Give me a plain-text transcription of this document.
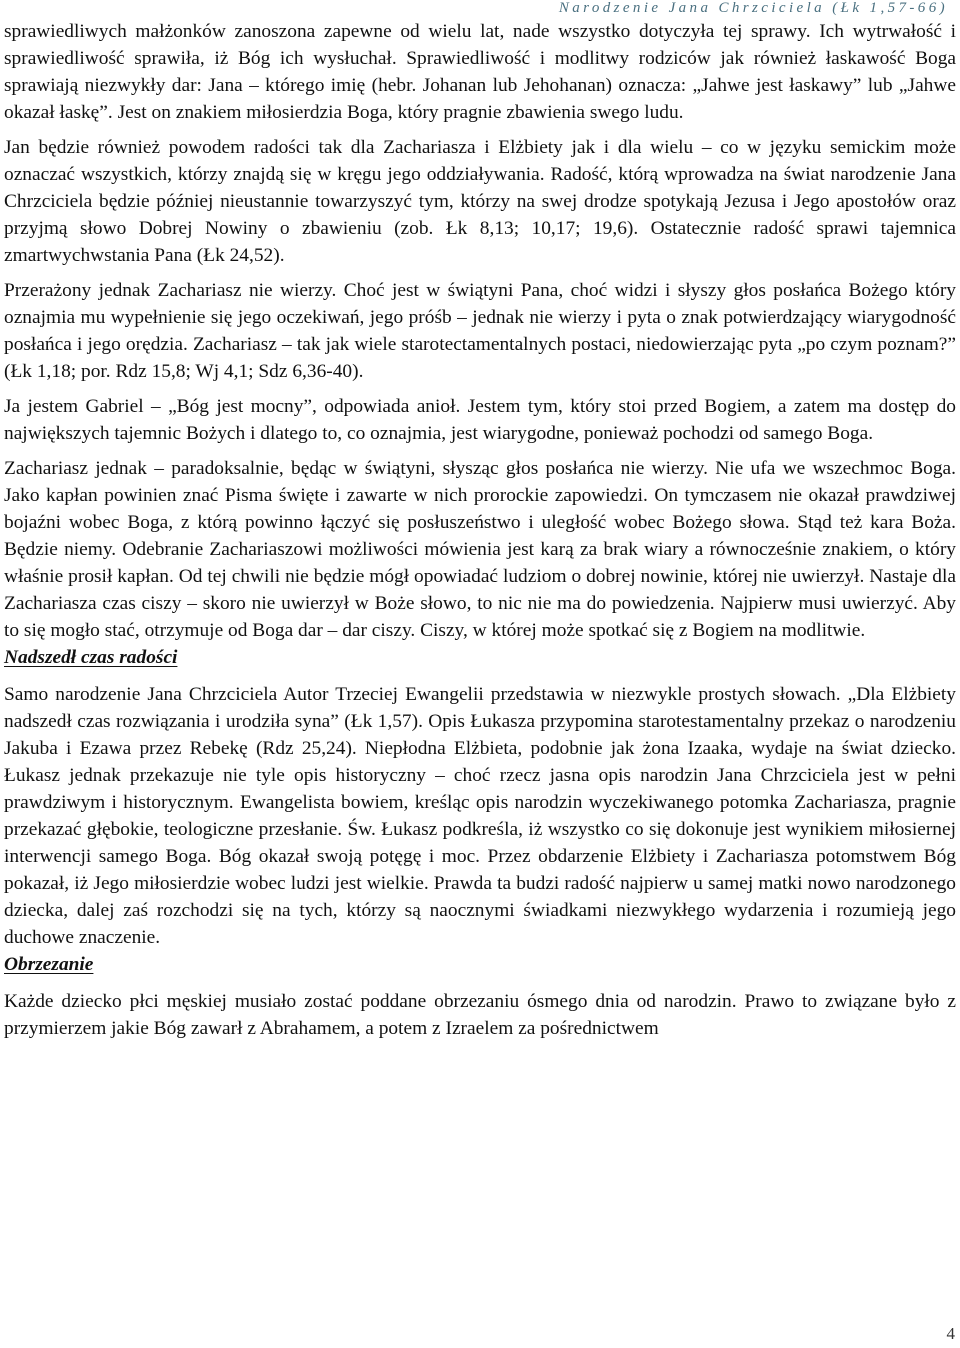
Narodzenie Jana Chrzciciela (Łk 1,57-66)

sprawiedliwych małżonków zanoszona zapewne od wielu lat, nade wszystko dotyczyła tej sprawy. Ich wytrwałość i sprawiedliwość sprawiła, iż Bóg ich wysłuchał. Sprawiedliwość i modlitwy rodziców jak również łaskawość Boga sprawiają niezwykły dar: Jana – którego imię (hebr. Johanan lub Jehohanan) oznacza: „Jahwe jest łaskawy” lub „Jahwe okazał łaskę”. Jest on znakiem miłosierdzia Boga, który pragnie zbawienia swego ludu.

Jan będzie również powodem radości tak dla Zachariasza i Elżbiety jak i dla wielu – co w języku semickim może oznaczać wszystkich, którzy znajdą się w kręgu jego oddziaływania. Radość, którą wprowadza na świat narodzenie Jana Chrzciciela będzie później nieustannie towarzyszyć tym, którzy na swej drodze spotykają Jezusa i Jego apostołów oraz przyjmą słowo Dobrej Nowiny o zbawieniu (zob. Łk 8,13; 10,17; 19,6). Ostatecznie radość sprawi tajemnica zmartwychwstania Pana (Łk 24,52).

Przerażony jednak Zachariasz nie wierzy. Choć jest w świątyni Pana, choć widzi i słyszy głos posłańca Bożego który oznajmia mu wypełnienie się jego oczekiwań, jego próśb – jednak nie wierzy i pyta o znak potwierdzający wiarygodność posłańca i jego orędzia. Zachariasz – tak jak wiele staroteсtamentalnych postaci, niedowierzając pyta „po czym poznam?” (Łk 1,18; por. Rdz 15,8; Wj 4,1; Sdz 6,36-40).

Ja jestem Gabriel – „Bóg jest mocny”, odpowiada anioł. Jestem tym, który stoi przed Bogiem, a zatem ma dostęp do największych tajemnic Bożych i dlatego to, co oznajmia, jest wiarygodne, ponieważ pochodzi od samego Boga.

Zachariasz jednak – paradoksalnie, będąc w świątyni, słysząc głos posłańca nie wierzy. Nie ufa we wszechmoc Boga. Jako kapłan powinien znać Pisma święte i zawarte w nich prorockie zapowiedzi. On tymczasem nie okazał prawdziwej bojaźni wobec Boga, z którą powinno łączyć się posłuszeństwo i uległość wobec Bożego słowa. Stąd też kara Boża. Będzie niemy. Odebranie Zachariaszowi możliwości mówienia jest karą za brak wiary a równocześnie znakiem, o który właśnie prosił kapłan. Od tej chwili nie będzie mógł opowiadać ludziom o dobrej nowinie, której nie uwierzył. Nastaje dla Zachariasza czas ciszy – skoro nie uwierzył w Boże słowo, to nic nie ma do powiedzenia. Najpierw musi uwierzyć. Aby to się mogło stać, otrzymuje od Boga dar – dar ciszy. Ciszy, w której może spotkać się z Bogiem na modlitwie.

Nadszedł czas radości

Samo narodzenie Jana Chrzciciela Autor Trzeciej Ewangelii przedstawia w niezwykle prostych słowach. „Dla Elżbiety nadszedł czas rozwiązania i urodziła syna” (Łk 1,57). Opis Łukasza przypomina starotestamentalny przekaz o narodzeniu Jakuba i Ezawa przez Rebekę (Rdz 25,24). Niepłodna Elżbieta, podobnie jak żona Izaaka, wydaje na świat dziecko. Łukasz jednak przekazuje nie tyle opis historyczny – choć rzecz jasna opis narodzin Jana Chrzciciela jest w pełni prawdziwym i historycznym. Ewangelista bowiem, kreśląc opis narodzin wyczekiwanego potomka Zachariasza, pragnie przekazać głębokie, teologiczne przesłanie. Św. Łukasz podkreśla, iż wszystko co się dokonuje jest wynikiem miłosiernej interwencji samego Boga. Bóg okazał swoją potęgę i moc. Przez obdarzenie Elżbiety i Zachariasza potomstwem Bóg pokazał, iż Jego miłosierdzie wobec ludzi jest wielkie. Prawda ta budzi radość najpierw u samej matki nowo narodzonego dziecka, dalej zaś rozchodzi się na tych, którzy są naocznymi świadkami niezwykłego wydarzenia i rozumieją jego duchowe znaczenie.

Obrzezanie

Każde dziecko płci męskiej musiało zostać poddane obrzezaniu ósmego dnia od narodzin. Prawo to związane było z przymierzem jakie Bóg zawarł z Abrahamem, a potem z Izraelem za pośrednictwem

4
